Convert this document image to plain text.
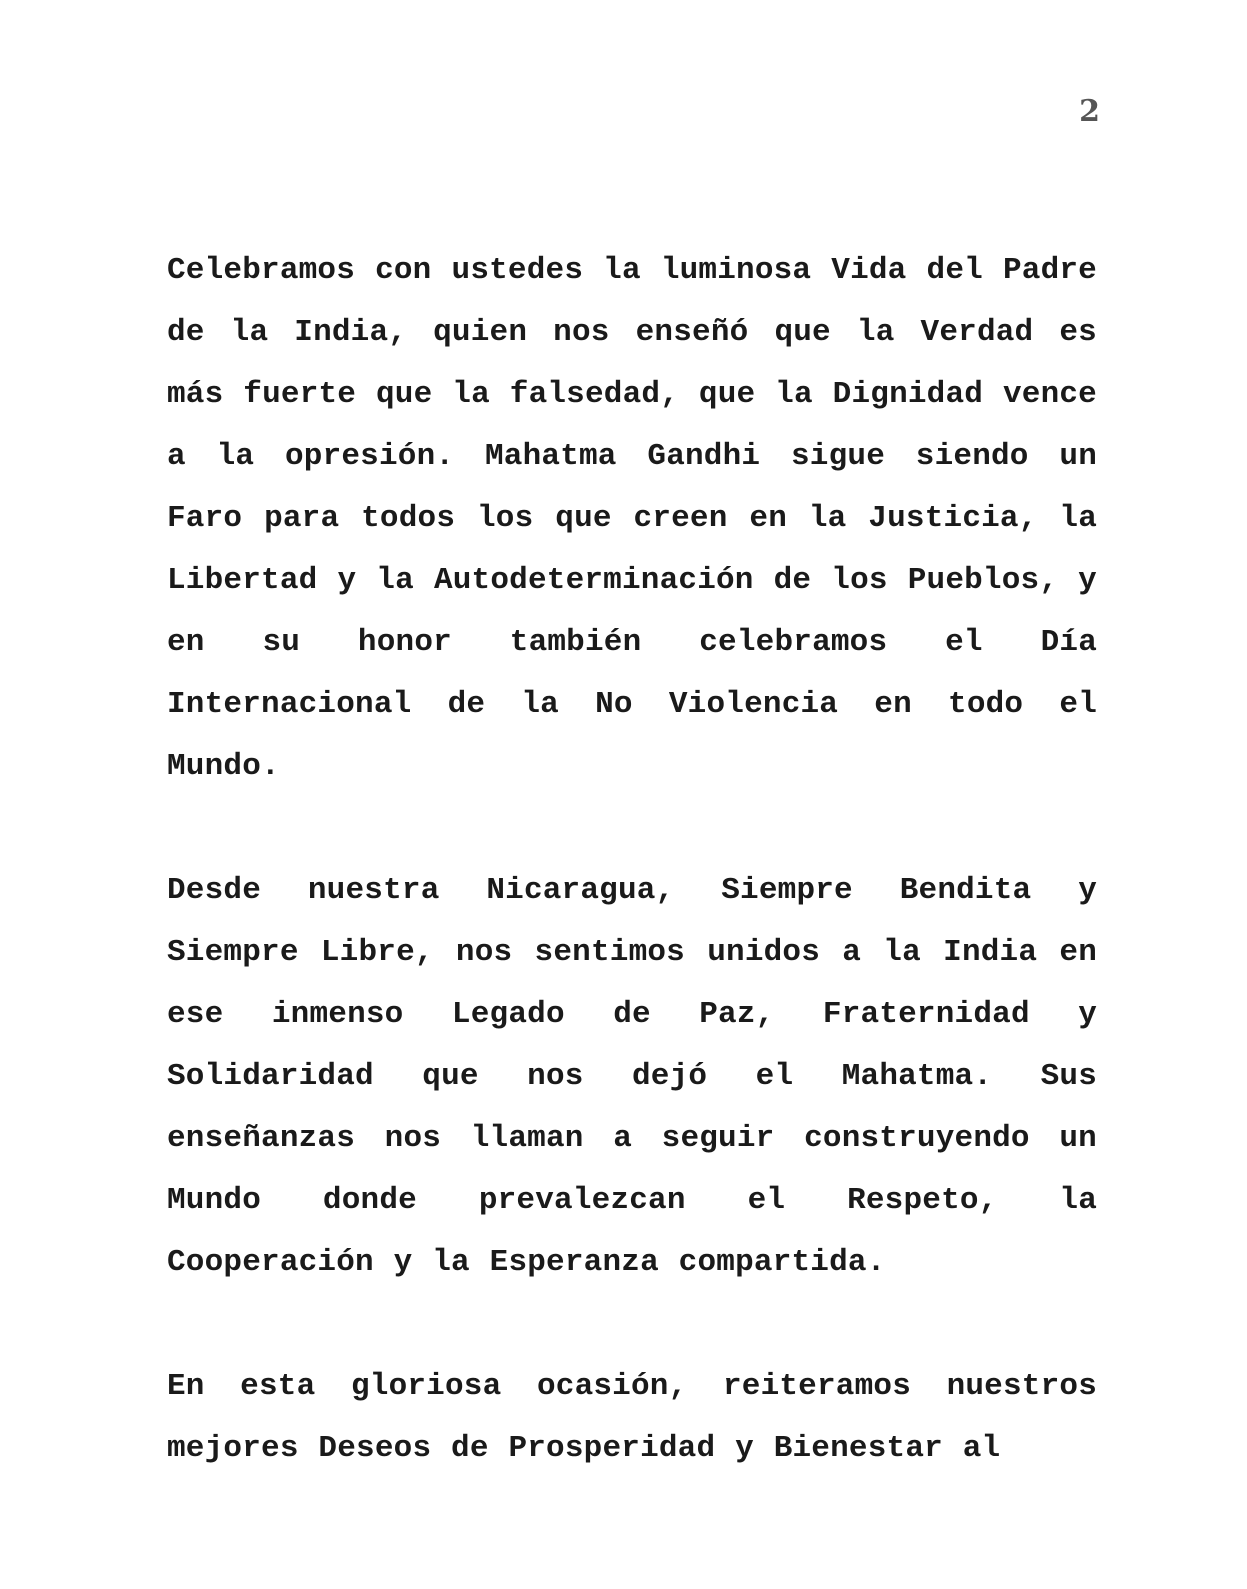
2

Celebramos con ustedes la luminosa Vida del Padre de la India, quien nos enseñó que la Verdad es más fuerte que la falsedad, que la Dignidad vence a la opresión. Mahatma Gandhi sigue siendo un Faro para todos los que creen en la Justicia, la Libertad y la Autodeterminación de los Pueblos, y en su honor también celebramos el Día Internacional de la No Violencia en todo el Mundo.

Desde nuestra Nicaragua, Siempre Bendita y Siempre Libre, nos sentimos unidos a la India en ese inmenso Legado de Paz, Fraternidad y Solidaridad que nos dejó el Mahatma. Sus enseñanzas nos llaman a seguir construyendo un Mundo donde prevalezcan el Respeto, la Cooperación y la Esperanza compartida.

En esta gloriosa ocasión, reiteramos nuestros mejores Deseos de Prosperidad y Bienestar al
